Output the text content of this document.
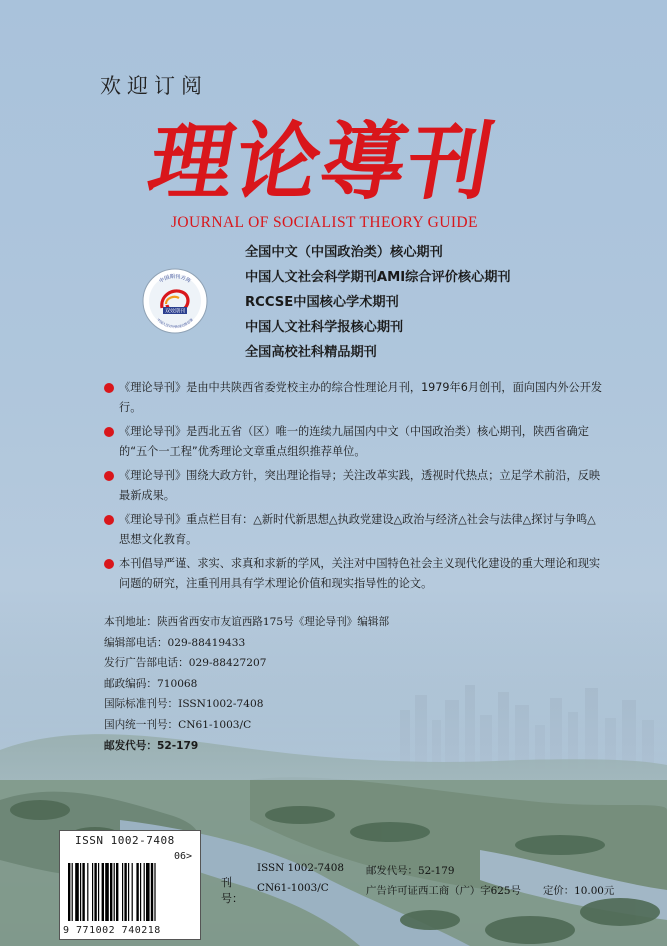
欢迎订阅
理论導刊
JOURNAL OF SOCIALIST THEORY GUIDE
中国期刊方阵
中国人民对外新闻出版总署
双效期刊
全国中文（中国政治类）核心期刊
中国人文社会科学期刊AMI综合评价核心期刊
RCCSE中国核心学术期刊
中国人文社科学报核心期刊
全国高校社科精品期刊
《理论导刊》是由中共陕西省委党校主办的综合性理论月刊，1979年6月创刊，面向国内外公开发行。
《理论导刊》是西北五省（区）唯一的连续九届国内中文（中国政治类）核心期刊，陕西省确定的“五个一工程”优秀理论文章重点组织推荐单位。
《理论导刊》围绕大政方针，突出理论指导；关注改革实践，透视时代热点；立足学术前沿，反映最新成果。
《理论导刊》重点栏目有：△新时代新思想△执政党建设△政治与经济△社会与法律△探讨与争鸣△思想文化教育。
本刊倡导严谨、求实、求真和求新的学风，关注对中国特色社会主义现代化建设的重大理论和现实问题的研究，注重刊用具有学术理论价值和现实指导性的论文。
本刊地址：陕西省西安市友谊西路175号《理论导刊》编辑部
编辑部电话：029-88419433
发行广告部电话：029-88427207
邮政编码：710068
国际标准刊号：ISSN1002-7408
国内统一刊号：CN61-1003/C
邮发代号：52-179
ISSN 1002-7408
06>
9 771002 740218
刊号：
ISSN 1002-7408 邮发代号：52-179
CN61-1003/C	广告许可证西工商（广）字625号 定价：10.00元
